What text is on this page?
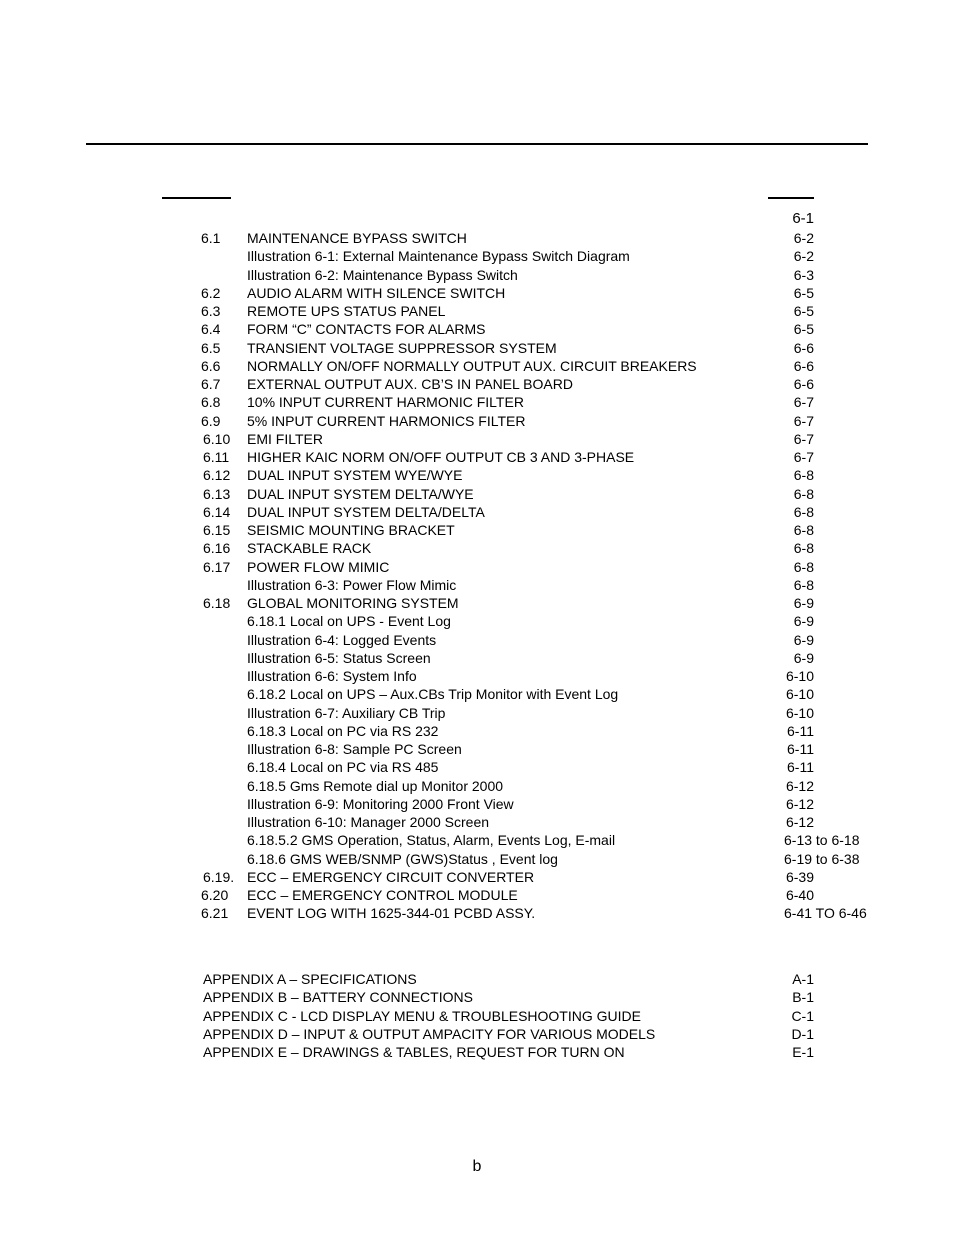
6-1
6.1 MAINTENANCE BYPASS SWITCH	6-2
Illustration 6-1: External Maintenance Bypass Switch Diagram	6-2
Illustration 6-2: Maintenance Bypass Switch	6-3
6.2 AUDIO ALARM WITH SILENCE SWITCH	6-5
6.3 REMOTE UPS STATUS PANEL	6-5
6.4 FORM “C” CONTACTS FOR ALARMS	6-5
6.5 TRANSIENT VOLTAGE SUPPRESSOR SYSTEM	6-6
6.6 NORMALLY ON/OFF NORMALLY OUTPUT AUX. CIRCUIT BREAKERS	6-6
6.7 EXTERNAL OUTPUT AUX. CB’S IN PANEL BOARD	6-6
6.8 10% INPUT CURRENT HARMONIC FILTER	6-7
6.9 5% INPUT CURRENT HARMONICS FILTER	6-7
6.10 EMI FILTER	6-7
6.11 HIGHER KAIC NORM ON/OFF OUTPUT CB 3 AND 3-PHASE	6-7
6.12 DUAL INPUT SYSTEM WYE/WYE	6-8
6.13 DUAL INPUT SYSTEM DELTA/WYE	6-8
6.14 DUAL INPUT SYSTEM DELTA/DELTA	6-8
6.15 SEISMIC MOUNTING BRACKET	6-8
6.16 STACKABLE RACK	6-8
6.17 POWER FLOW MIMIC	6-8
Illustration 6-3: Power Flow Mimic	6-8
6.18 GLOBAL MONITORING SYSTEM	6-9
6.18.1 Local on UPS - Event Log	6-9
Illustration 6-4: Logged Events	6-9
Illustration 6-5: Status Screen	6-9
Illustration 6-6: System Info	6-10
6.18.2 Local on UPS – Aux.CBs Trip Monitor with Event Log	6-10
Illustration 6-7: Auxiliary CB Trip	6-10
6.18.3 Local on PC via RS 232	6-11
Illustration 6-8: Sample PC Screen	6-11
6.18.4 Local on PC via RS 485	6-11
6.18.5 Gms Remote dial up Monitor 2000	6-12
Illustration 6-9: Monitoring 2000 Front View	6-12
Illustration 6-10: Manager 2000 Screen	6-12
6.18.5.2 GMS Operation, Status, Alarm, Events Log, E-mail	6-13 to 6-18
6.18.6 GMS WEB/SNMP (GWS)Status , Event log	6-19 to 6-38
6.19. ECC – EMERGENCY CIRCUIT CONVERTER	6-39
6.20 ECC – EMERGENCY CONTROL MODULE	6-40
6.21 EVENT LOG WITH 1625-344-01 PCBD ASSY.	6-41 TO 6-46
APPENDIX A – SPECIFICATIONS	A-1
APPENDIX B – BATTERY CONNECTIONS	B-1
APPENDIX C - LCD DISPLAY MENU & TROUBLESHOOTING GUIDE	C-1
APPENDIX D – INPUT & OUTPUT AMPACITY FOR VARIOUS MODELS	D-1
APPENDIX E – DRAWINGS & TABLES, REQUEST FOR TURN ON	E-1
b
